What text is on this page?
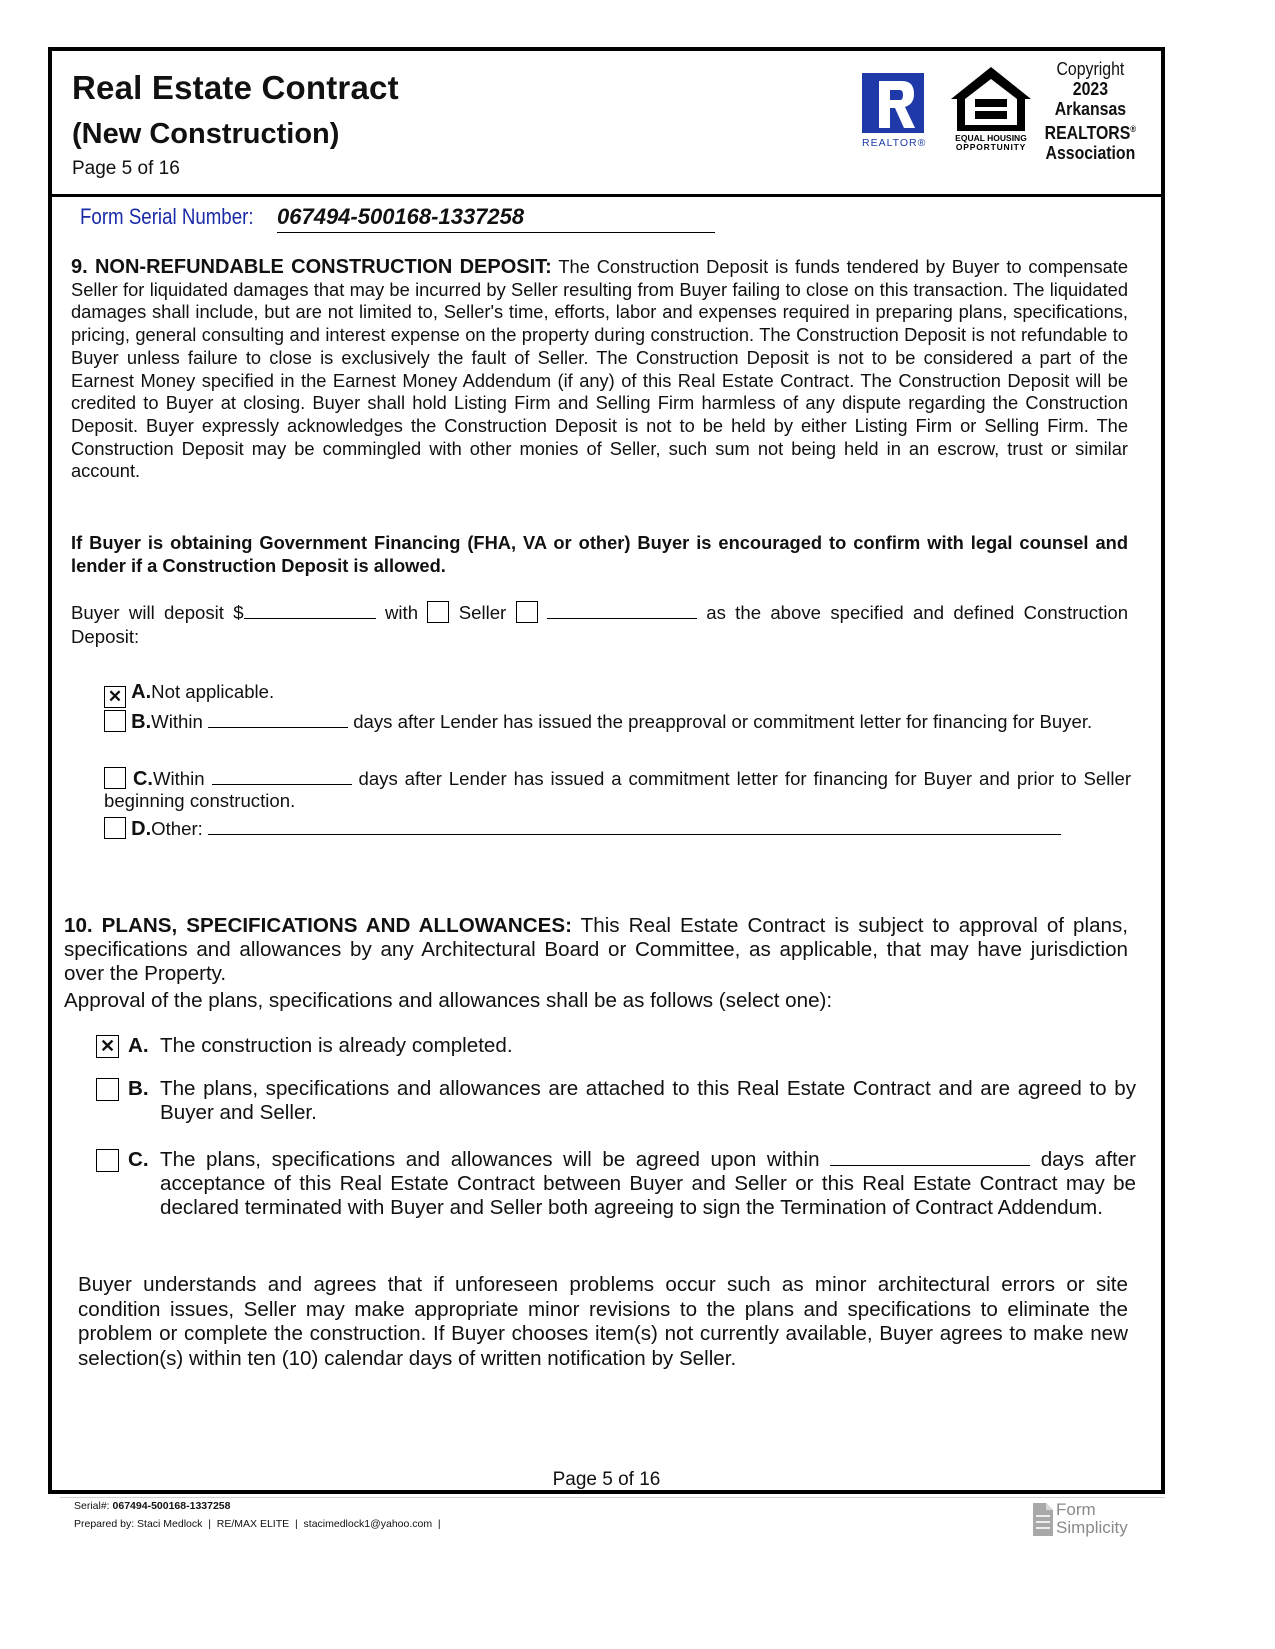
Real Estate Contract
(New Construction)
Page 5 of 16
REALTOR®	EQUAL HOUSING
OPPORTUNITY
Copyright
2023
Arkansas
REALTORS®
Association
Form Serial Number: 067494-500168-1337258

9. NON-REFUNDABLE CONSTRUCTION DEPOSIT: The Construction Deposit is funds tendered by Buyer to compensate Seller for liquidated damages that may be incurred by Seller resulting from Buyer failing to close on this transaction. The liquidated damages shall include, but are not limited to, Seller's time, efforts, labor and expenses required in preparing plans, specifications, pricing, general consulting and interest expense on the property during construction. The Construction Deposit is not refundable to Buyer unless failure to close is exclusively the fault of Seller. The Construction Deposit is not to be considered a part of the Earnest Money specified in the Earnest Money Addendum (if any) of this Real Estate Contract. The Construction Deposit will be credited to Buyer at closing. Buyer shall hold Listing Firm and Selling Firm harmless of any dispute regarding the Construction Deposit. Buyer expressly acknowledges the Construction Deposit is not to be held by either Listing Firm or Selling Firm. The Construction Deposit may be commingled with other monies of Seller, such sum not being held in an escrow, trust or similar account.

If Buyer is obtaining Government Financing (FHA, VA or other) Buyer is encouraged to confirm with legal counsel and lender if a Construction Deposit is allowed.

Buyer will deposit $	with Seller	as the above specified and defined Construction Deposit:
✕ A.Not applicable.
B.Within	days after Lender has issued the preapproval or commitment letter for financing for Buyer.
C.Within	days after Lender has issued a commitment letter for financing for Buyer and prior to Seller beginning construction.
D.Other:

10. PLANS, SPECIFICATIONS AND ALLOWANCES: This Real Estate Contract is subject to approval of plans, specifications and allowances by any Architectural Board or Committee, as applicable, that may have jurisdiction over the Property.

Approval of the plans, specifications and allowances shall be as follows (select one):

✕ A. The construction is already completed.
B. The plans, specifications and allowances are attached to this Real Estate Contract and are agreed to by Buyer and Seller.
C. The plans, specifications and allowances will be agreed upon within	days after acceptance of this Real Estate Contract between Buyer and Seller or this Real Estate Contract may be declared terminated with Buyer and Seller both agreeing to sign the Termination of Contract Addendum.

Buyer understands and agrees that if unforeseen problems occur such as minor architectural errors or site condition issues, Seller may make appropriate minor revisions to the plans and specifications to eliminate the problem or complete the construction. If Buyer chooses item(s) not currently available, Buyer agrees to make new selection(s) within ten (10) calendar days of written notification by Seller.

Page 5 of 16
Serial#: 067494-500168-1337258
Prepared by: Staci Medlock  |  RE/MAX ELITE  |  stacimedlock1@yahoo.com  |
Form
Simplicity
